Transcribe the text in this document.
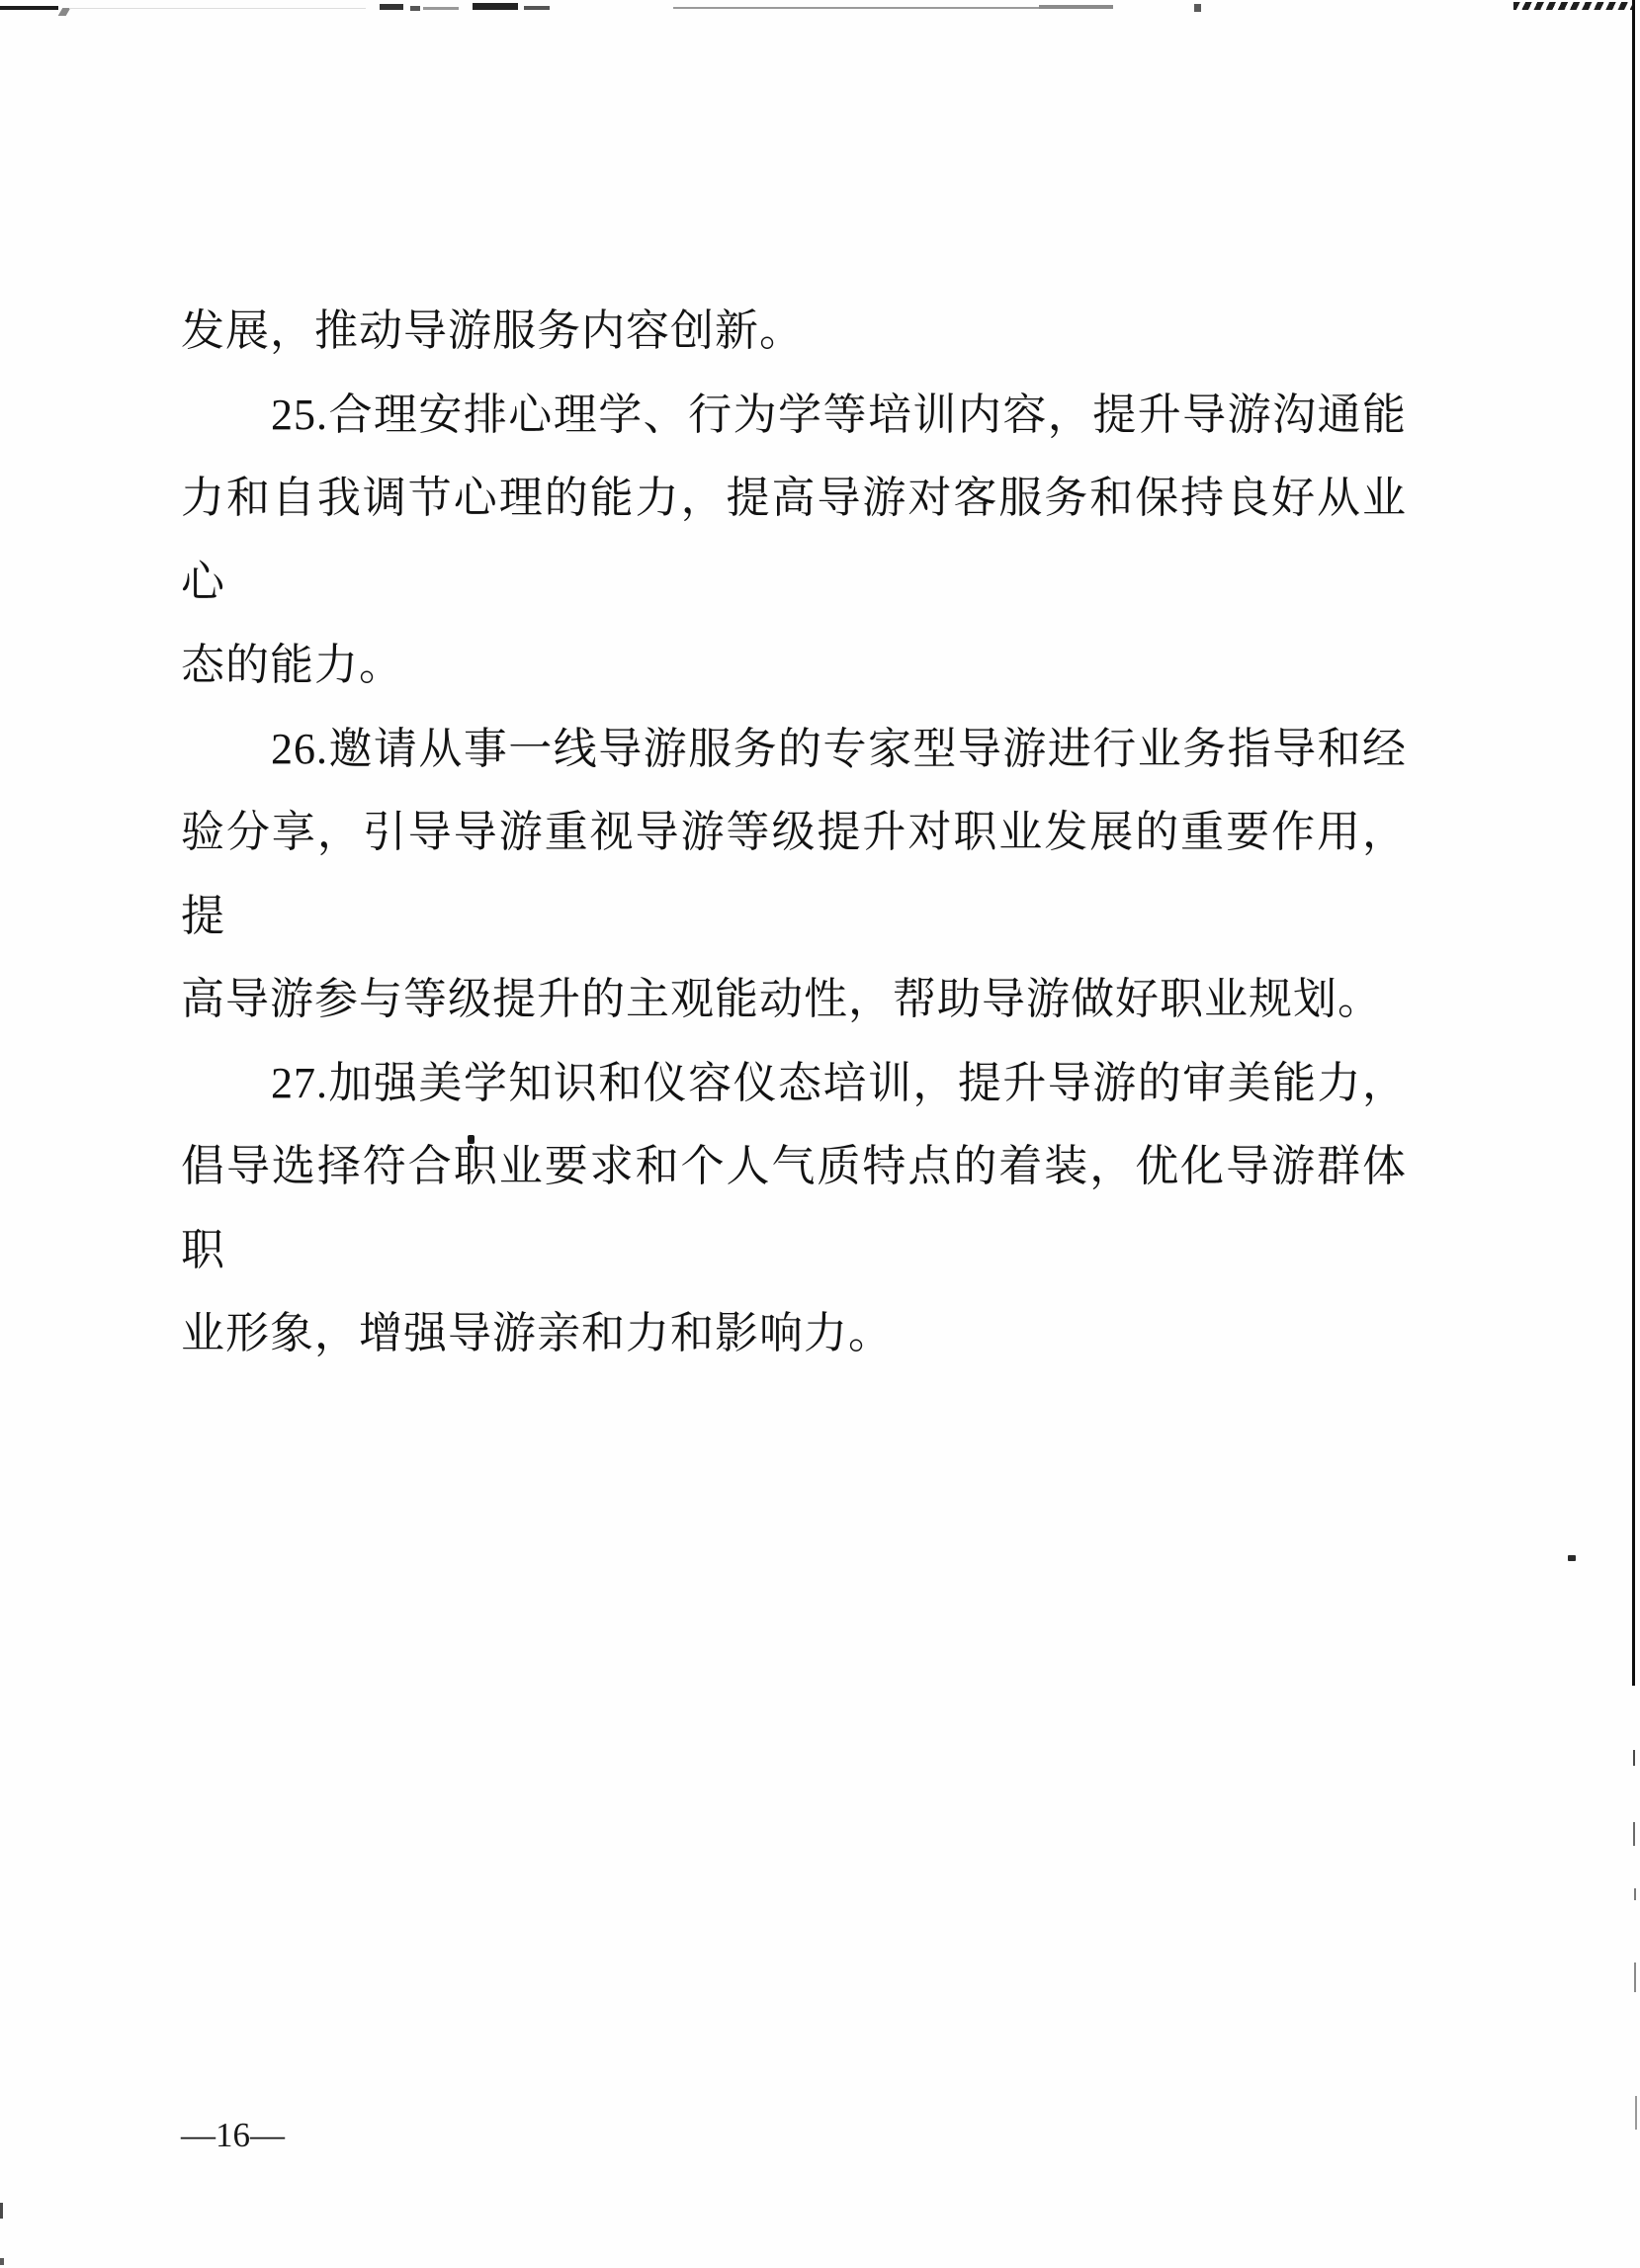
发展，推动导游服务内容创新。

25.合理安排心理学、行为学等培训内容，提升导游沟通能

力和自我调节心理的能力，提高导游对客服务和保持良好从业心

态的能力。

26.邀请从事一线导游服务的专家型导游进行业务指导和经

验分享，引导导游重视导游等级提升对职业发展的重要作用，提

高导游参与等级提升的主观能动性，帮助导游做好职业规划。

27.加强美学知识和仪容仪态培训，提升导游的审美能力，

倡导选择符合职业要求和个人气质特点的着装，优化导游群体职

业形象，增强导游亲和力和影响力。

—16—
